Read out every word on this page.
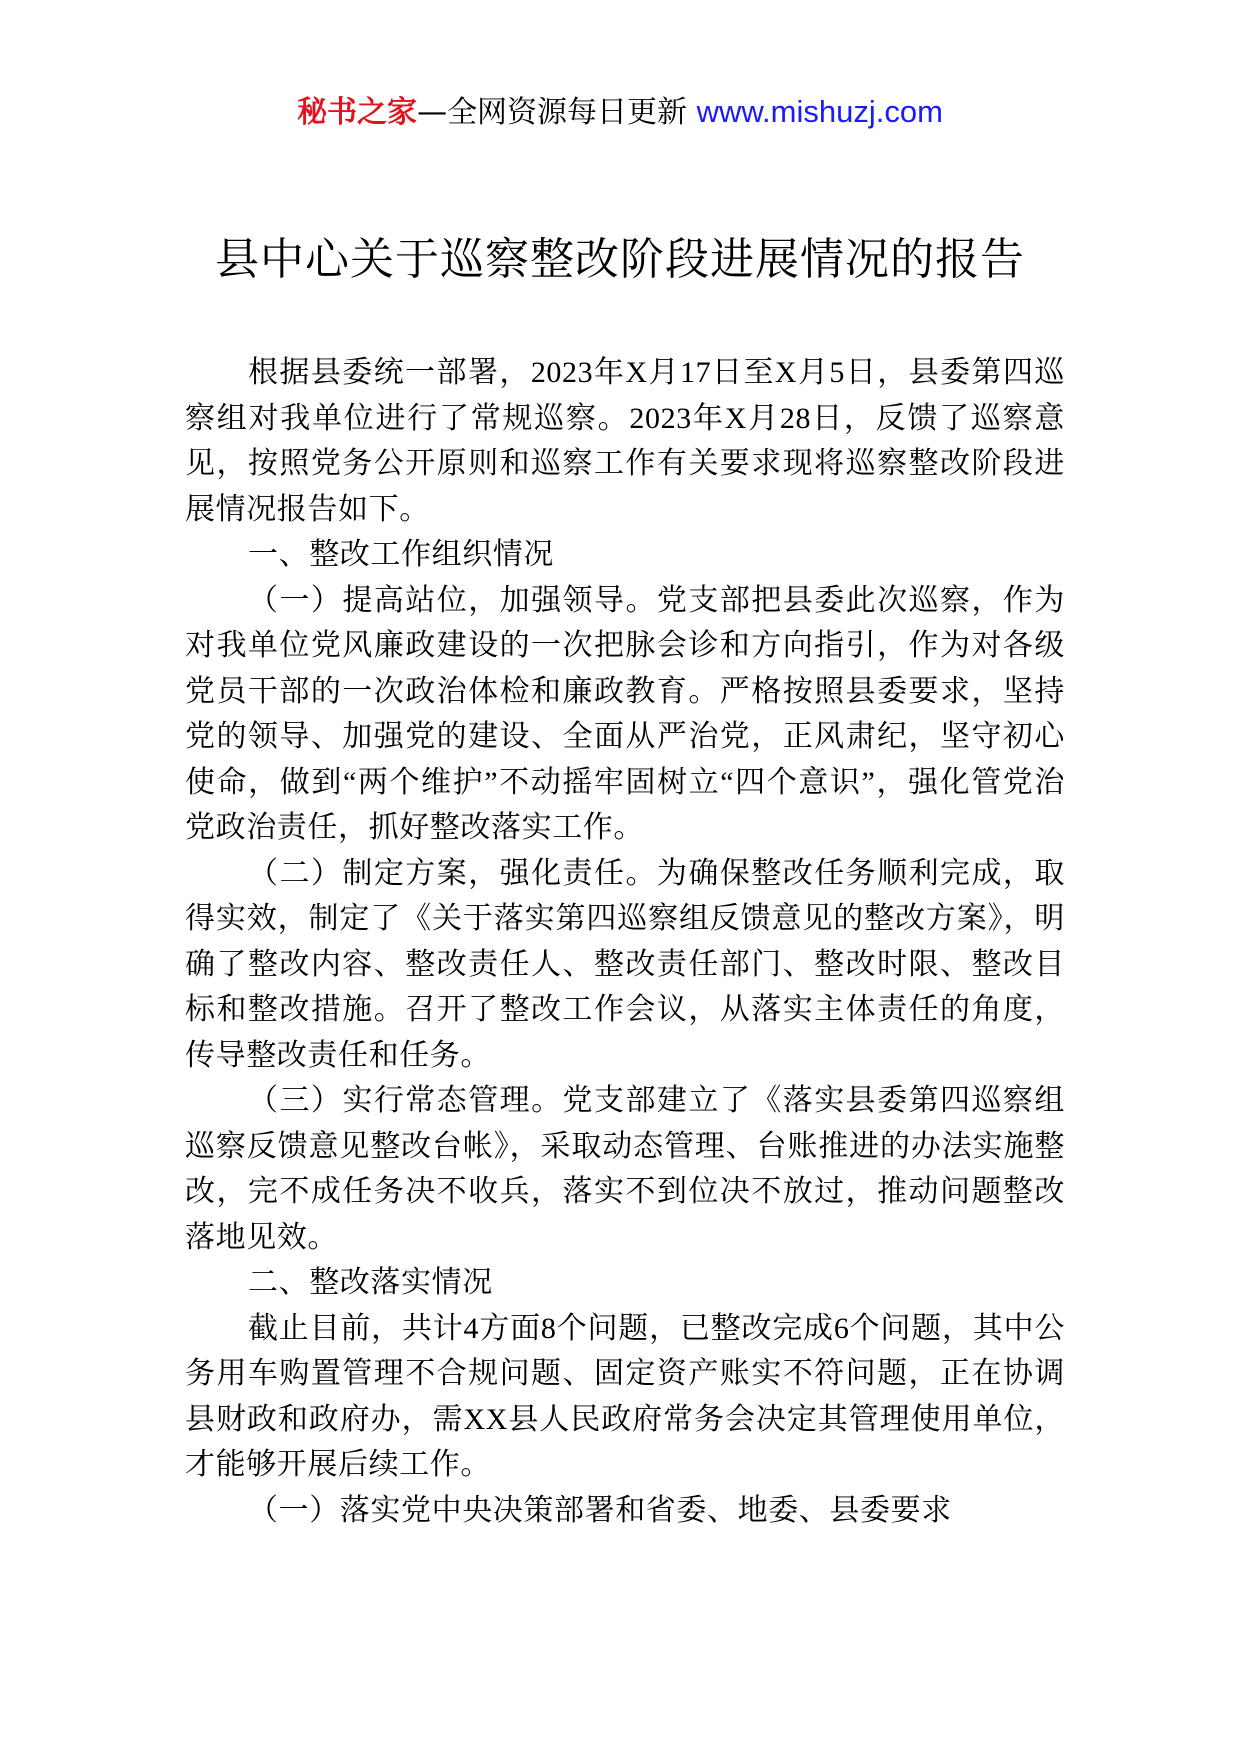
秘书之家—全网资源每日更新 www.mishuzj.com
县中心关于巡察整改阶段进展情况的报告

根据县委统一部署，2023年X月17日至X月5日，县委第四巡察组对我单位进行了常规巡察。2023年X月28日，反馈了巡察意见，按照党务公开原则和巡察工作有关要求现将巡察整改阶段进展情况报告如下。

一、整改工作组织情况

（一）提高站位，加强领导。党支部把县委此次巡察，作为对我单位党风廉政建设的一次把脉会诊和方向指引，作为对各级党员干部的一次政治体检和廉政教育。严格按照县委要求，坚持党的领导、加强党的建设、全面从严治党，正风肃纪，坚守初心使命，做到“两个维护”不动摇牢固树立“四个意识”，强化管党治党政治责任，抓好整改落实工作。

（二）制定方案，强化责任。为确保整改任务顺利完成，取得实效，制定了《关于落实第四巡察组反馈意见的整改方案》，明确了整改内容、整改责任人、整改责任部门、整改时限、整改目标和整改措施。召开了整改工作会议，从落实主体责任的角度，传导整改责任和任务。

（三）实行常态管理。党支部建立了《落实县委第四巡察组巡察反馈意见整改台帐》，采取动态管理、台账推进的办法实施整改，完不成任务决不收兵，落实不到位决不放过，推动问题整改落地见效。

二、整改落实情况

截止目前，共计4方面8个问题，已整改完成6个问题，其中公务用车购置管理不合规问题、固定资产账实不符问题，正在协调县财政和政府办，需XX县人民政府常务会决定其管理使用单位，才能够开展后续工作。

（一）落实党中央决策部署和省委、地委、县委要求
